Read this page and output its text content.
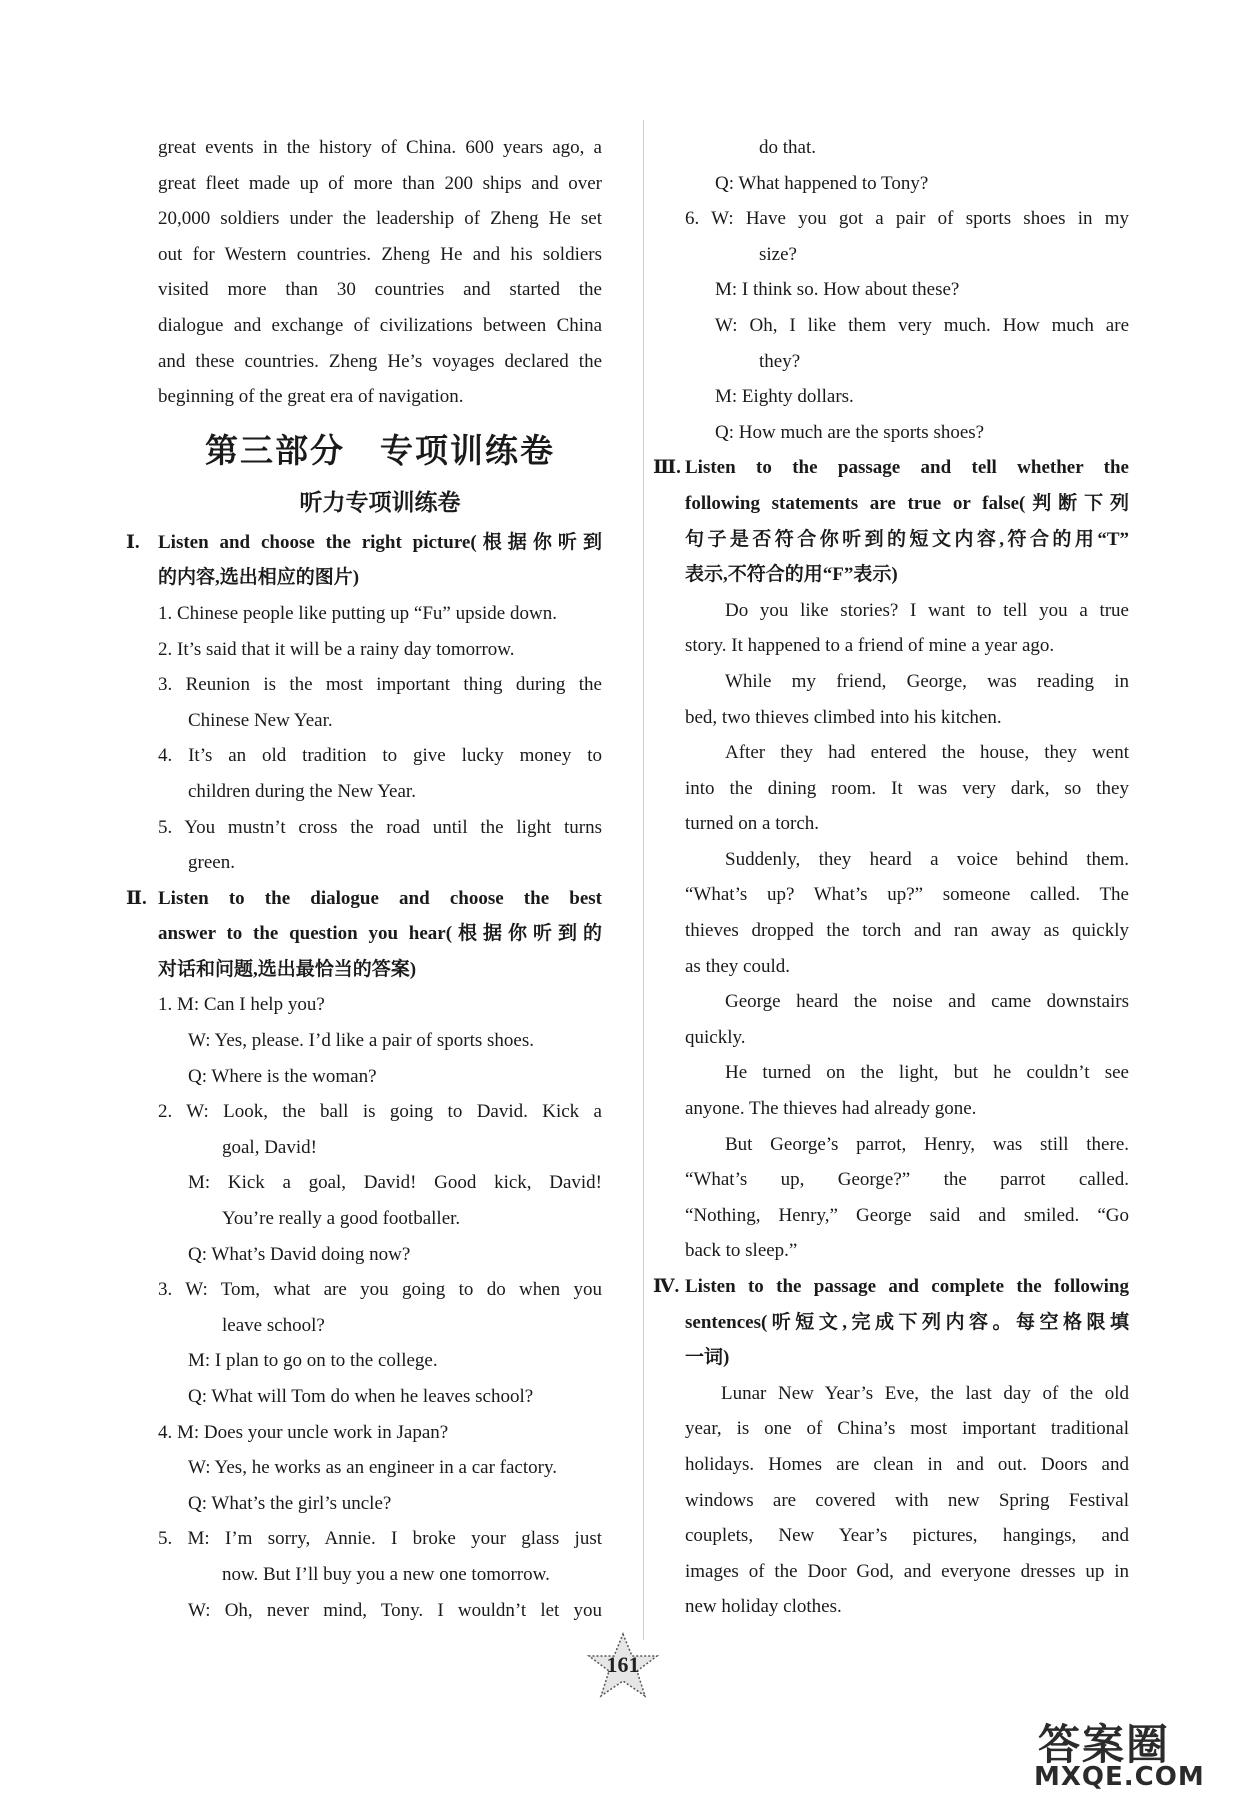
great events in the history of China. 600 years ago, a
great fleet made up of more than 200 ships and over
20,000 soldiers under the leadership of Zheng He set
out for Western countries. Zheng He and his soldiers
visited more than 30 countries and started the
dialogue and exchange of civilizations between China
and these countries. Zheng He’s voyages declared the
beginning of the great era of navigation.
第三部分　专项训练卷
听力专项训练卷
Ⅰ. Listen and choose the right picture(根据你听到
的内容,选出相应的图片)
1. Chinese people like putting up “Fu” upside down.
2. It’s said that it will be a rainy day tomorrow.
3. Reunion is the most important thing during the
Chinese New Year.
4. It’s an old tradition to give lucky money to
children during the New Year.
5. You mustn’t cross the road until the light turns
green.
Ⅱ. Listen to the dialogue and choose the best
answer to the question you hear(根据你听到的
对话和问题,选出最恰当的答案)
1. M: Can I help you?
W: Yes, please. I’d like a pair of sports shoes.
Q: Where is the woman?
2. W: Look, the ball is going to David. Kick a
goal, David!
M: Kick a goal, David! Good kick, David!
You’re really a good footballer.
Q: What’s David doing now?
3. W: Tom, what are you going to do when you
leave school?
M: I plan to go on to the college.
Q: What will Tom do when he leaves school?
4. M: Does your uncle work in Japan?
W: Yes, he works as an engineer in a car factory.
Q: What’s the girl’s uncle?
5. M: I’m sorry, Annie. I broke your glass just
now. But I’ll buy you a new one tomorrow.
W: Oh, never mind, Tony. I wouldn’t let you
do that.
Q: What happened to Tony?
6. W: Have you got a pair of sports shoes in my
size?
M: I think so. How about these?
W: Oh, I like them very much. How much are
they?
M: Eighty dollars.
Q: How much are the sports shoes?
Ⅲ. Listen to the passage and tell whether the
following statements are true or false(判断下列
句子是否符合你听到的短文内容,符合的用“T”
表示,不符合的用“F”表示)
Do you like stories? I want to tell you a true
story. It happened to a friend of mine a year ago.
While my friend, George, was reading in
bed, two thieves climbed into his kitchen.
After they had entered the house, they went
into the dining room. It was very dark, so they
turned on a torch.
Suddenly, they heard a voice behind them.
“What’s up? What’s up?” someone called. The
thieves dropped the torch and ran away as quickly
as they could.
George heard the noise and came downstairs
quickly.
He turned on the light, but he couldn’t see
anyone. The thieves had already gone.
But George’s parrot, Henry, was still there.
“What’s up, George?” the parrot called.
“Nothing, Henry,” George said and smiled. “Go
back to sleep.”
Ⅳ. Listen to the passage and complete the following
sentences(听短文,完成下列内容。每空格限填
一词)
Lunar New Year’s Eve, the last day of the old
year, is one of China’s most important traditional
holidays. Homes are clean in and out. Doors and
windows are covered with new Spring Festival
couplets, New Year’s pictures, hangings, and
images of the Door God, and everyone dresses up in
new holiday clothes.
161
答案圈
MXQE.COM
